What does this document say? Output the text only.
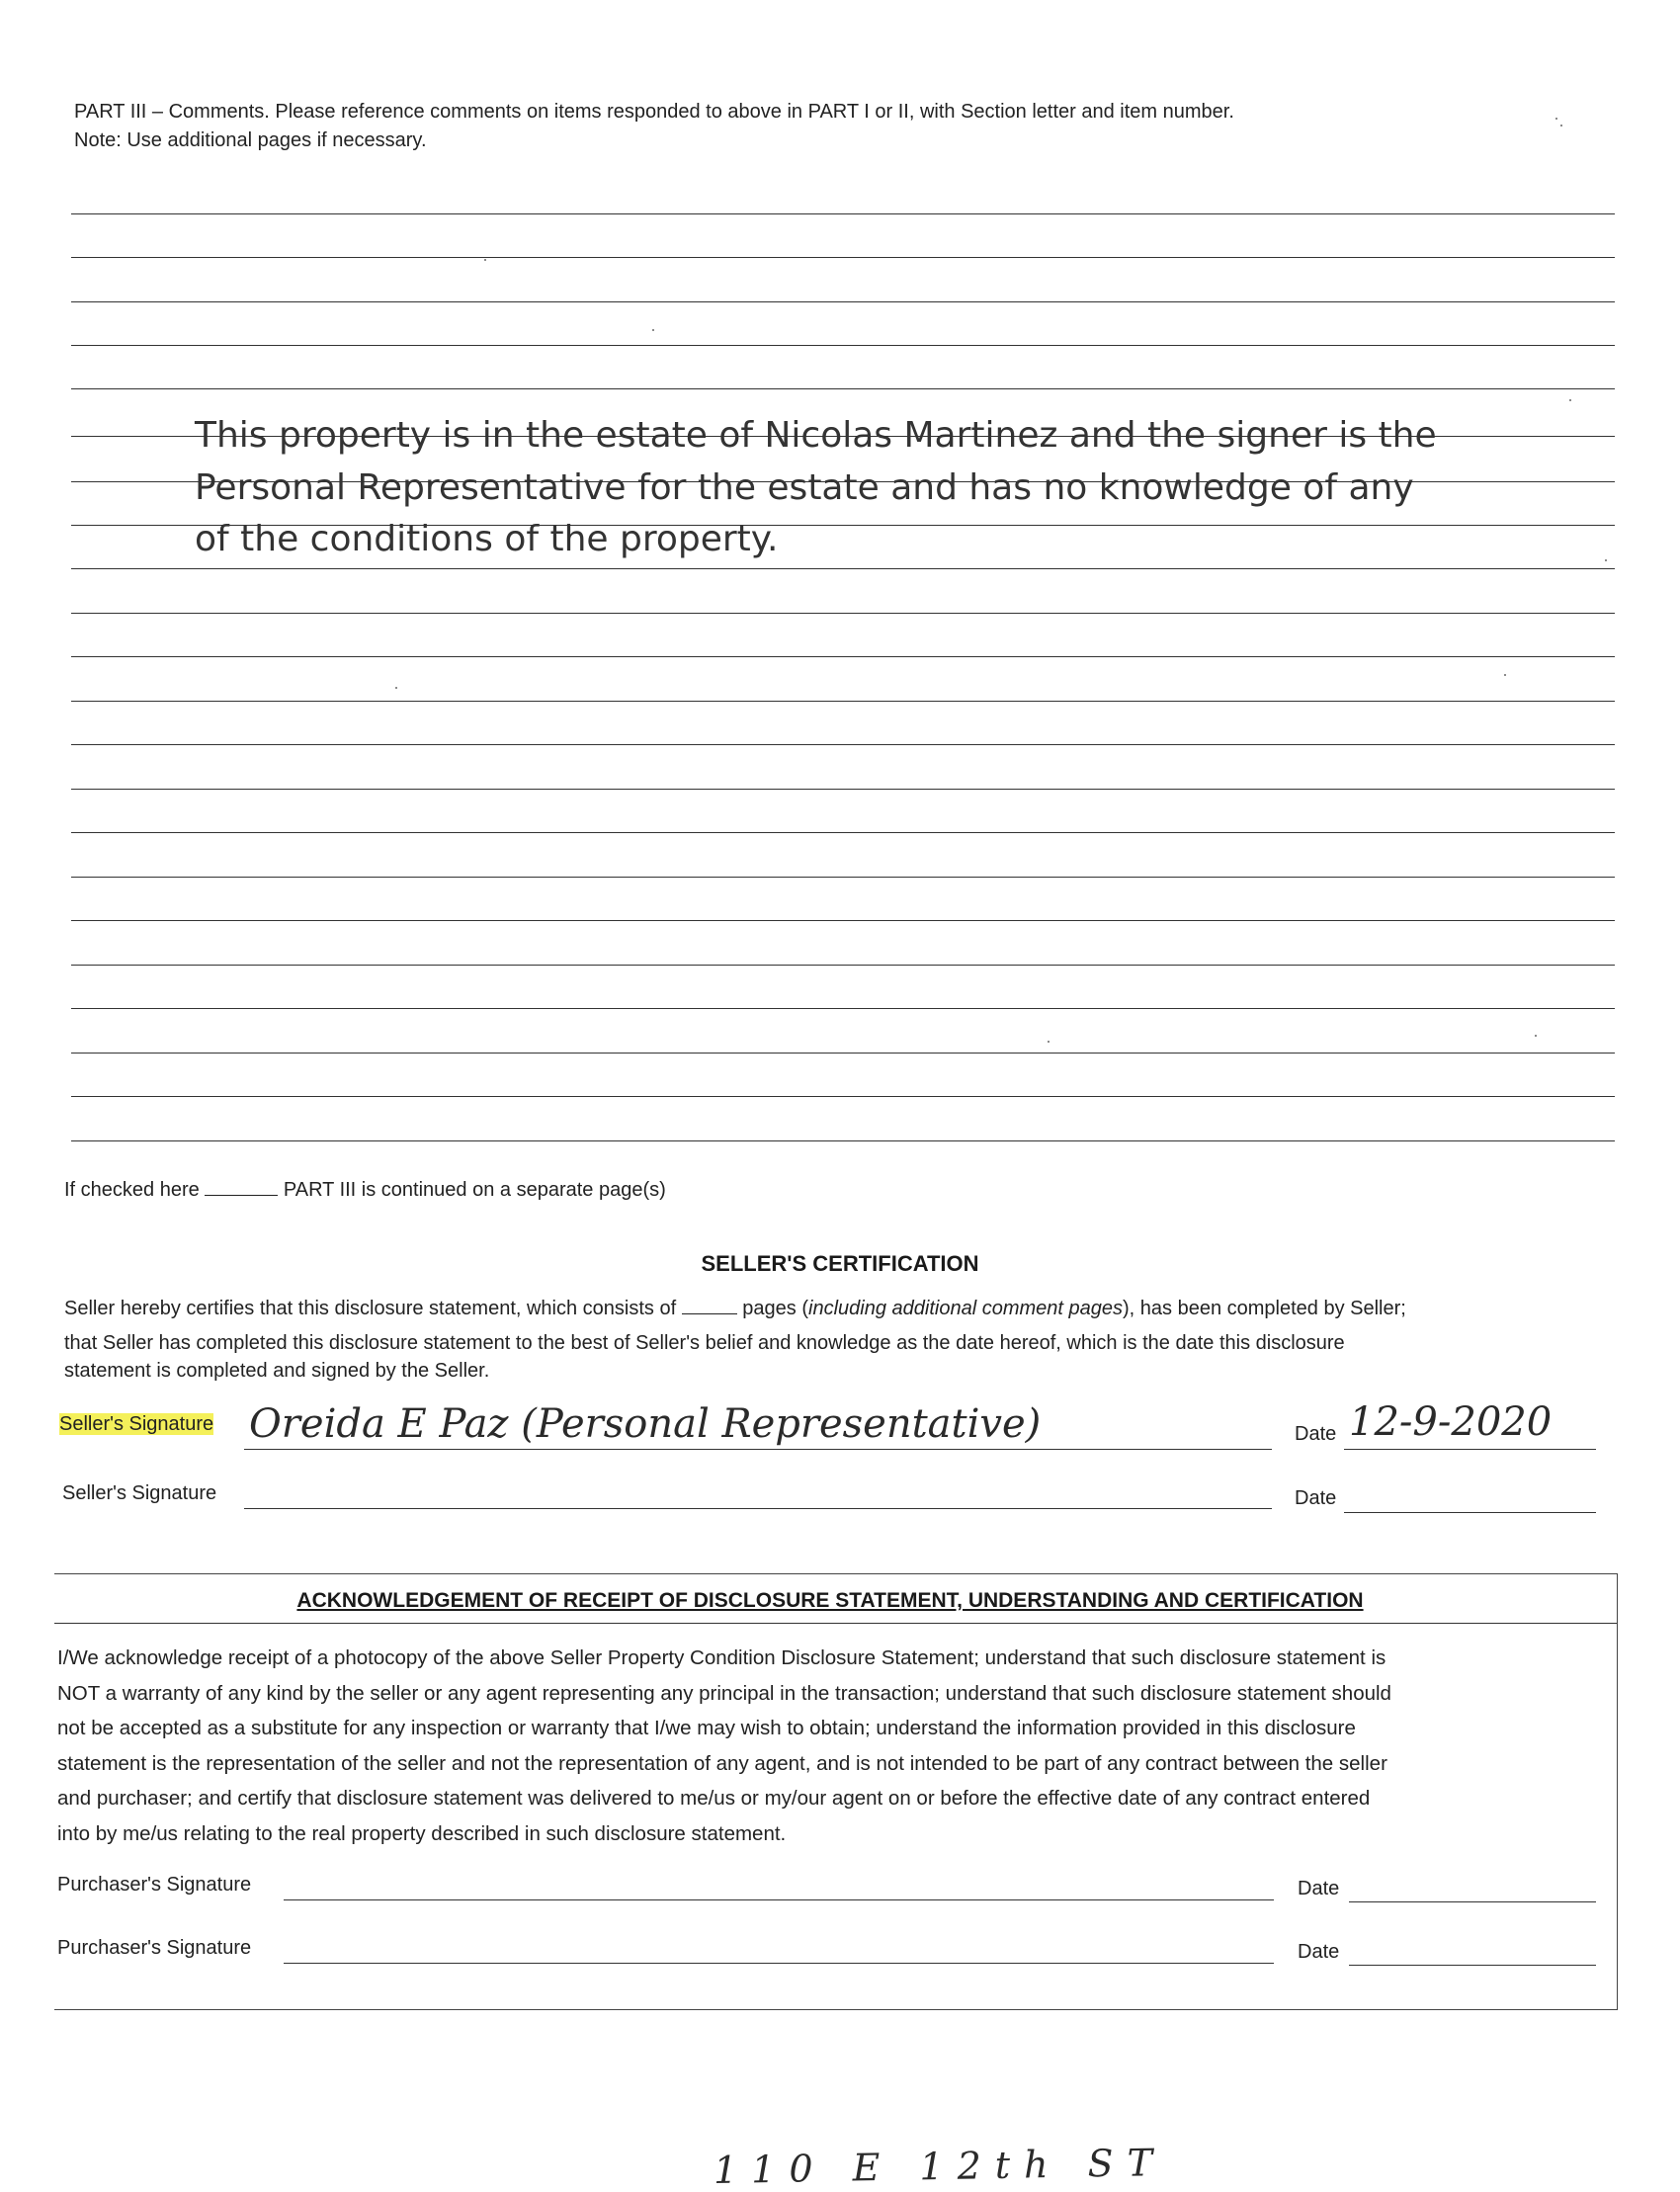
PART III – Comments. Please reference comments on items responded to above in PART I or II, with Section letter and item number.
Note: Use additional pages if necessary.
This property is in the estate of Nicolas Martinez and the signer is the
Personal Representative for the estate and has no knowledge of any
of the conditions of the property.
If checked here	PART III is continued on a separate page(s)
SELLER'S CERTIFICATION
Seller hereby certifies that this disclosure statement, which consists of	pages (including additional comment pages), has been completed by Seller;
that Seller has completed this disclosure statement to the best of Seller's belief and knowledge as the date hereof, which is the date this disclosure
statement is completed and signed by the Seller.
Seller's Signature Oreida E Paz (Personal Representative)	Date 12-9-2020
Seller's Signature	Date
ACKNOWLEDGEMENT OF RECEIPT OF DISCLOSURE STATEMENT, UNDERSTANDING AND CERTIFICATION
I/We acknowledge receipt of a photocopy of the above Seller Property Condition Disclosure Statement; understand that such disclosure statement is
NOT a warranty of any kind by the seller or any agent representing any principal in the transaction; understand that such disclosure statement should
not be accepted as a substitute for any inspection or warranty that I/we may wish to obtain; understand the information provided in this disclosure
statement is the representation of the seller and not the representation of any agent, and is not intended to be part of any contract between the seller
and purchaser; and certify that disclosure statement was delivered to me/us or my/our agent on or before the effective date of any contract entered
into by me/us relating to the real property described in such disclosure statement.
Purchaser's Signature	Date
Purchaser's Signature	Date
110 E 12th ST
